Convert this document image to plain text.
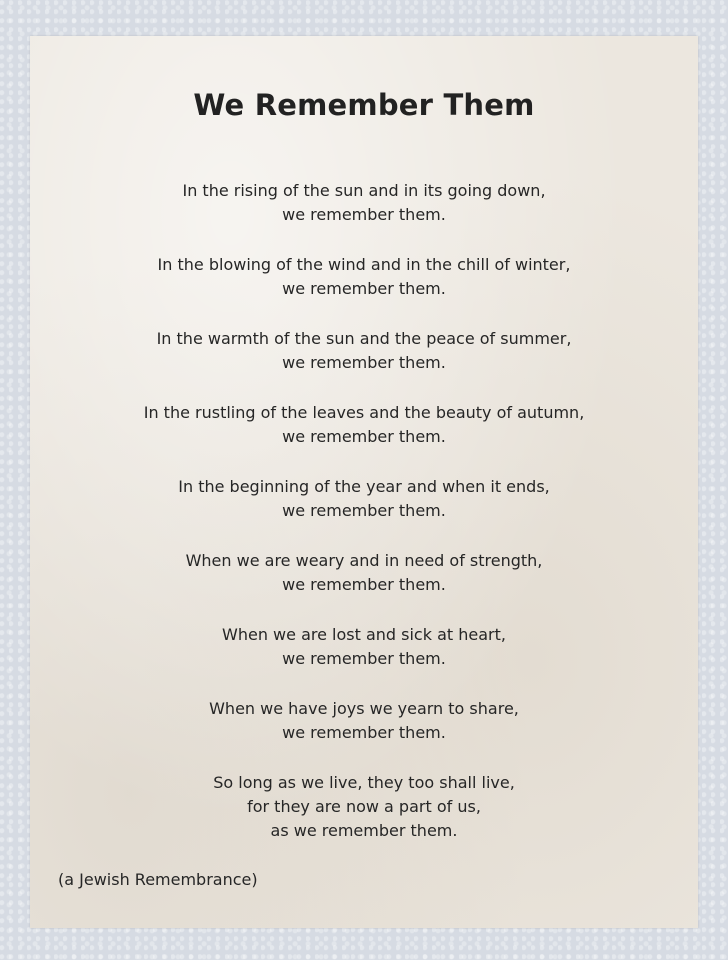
We Remember Them

In the rising of the sun and in its going down,
we remember them.

In the blowing of the wind and in the chill of winter,
we remember them.

In the warmth of the sun and the peace of summer,
we remember them.

In the rustling of the leaves and the beauty of autumn,
we remember them.

In the beginning of the year and when it ends,
we remember them.

When we are weary and in need of strength,
we remember them.

When we are lost and sick at heart,
we remember them.

When we have joys we yearn to share,
we remember them.

So long as we live, they too shall live,
for they are now a part of us,
as we remember them.

(a Jewish Remembrance)
